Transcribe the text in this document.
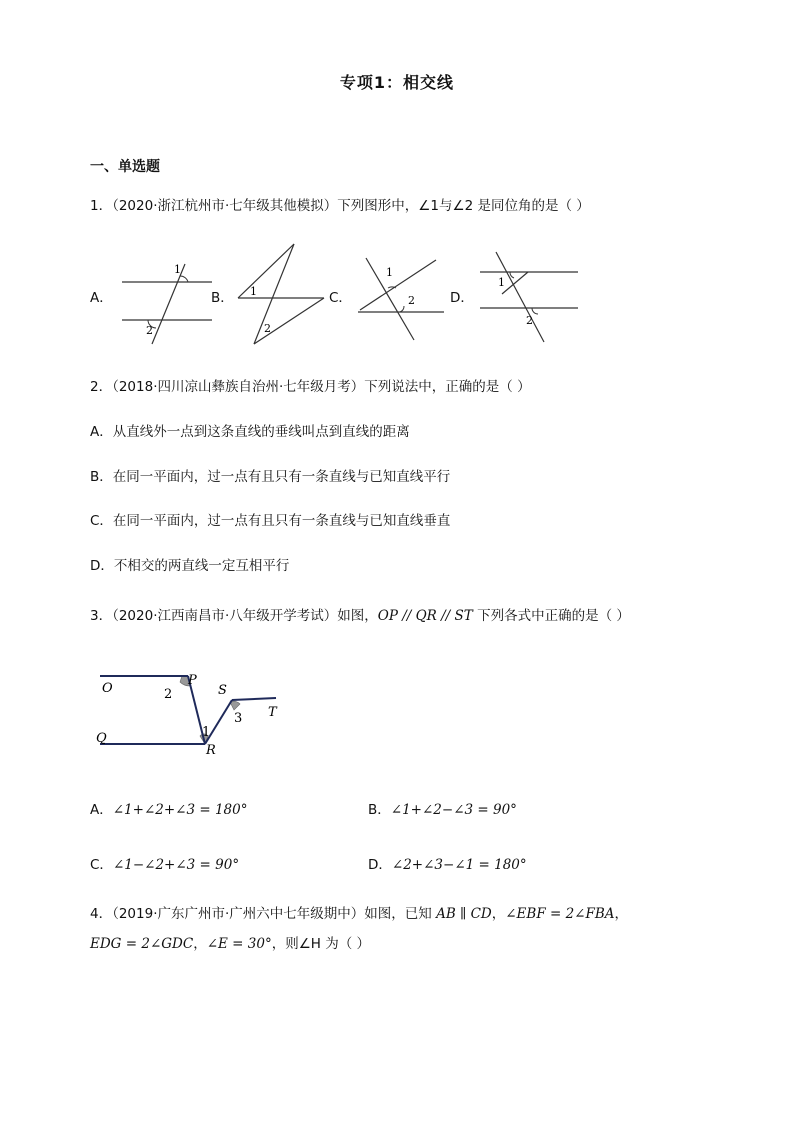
专项1：相交线
一、单选题
1．（2020·浙江杭州市·七年级其他模拟）下列图形中，∠1与∠2 是同位角的是（ ）
A．
1
2
B． 1
2
C．
1
2	D．
1
2
2．（2018·四川凉山彝族自治州·七年级月考）下列说法中，正确的是（ ）
A．从直线外一点到这条直线的垂线叫点到直线的距离
B．在同一平面内，过一点有且只有一条直线与已知直线平行
C．在同一平面内，过一点有且只有一条直线与已知直线垂直
D．不相交的两直线一定互相平行
3．（2020·江西南昌市·八年级开学考试）如图，OP // QR // ST 下列各式中正确的是（ ）
O
P
2	S
T
3
1
Q
R
A．∠1+∠2+∠3 = 180°	B．∠1+∠2−∠3 = 90°
C．∠1−∠2+∠3 = 90°	D．∠2+∠3−∠1 = 180°
4．（2019·广东广州市·广州六中七年级期中）如图，已知 AB ∥ CD，∠EBF = 2∠FBA，
EDG = 2∠GDC，∠E = 30°，则∠H 为（ ）
